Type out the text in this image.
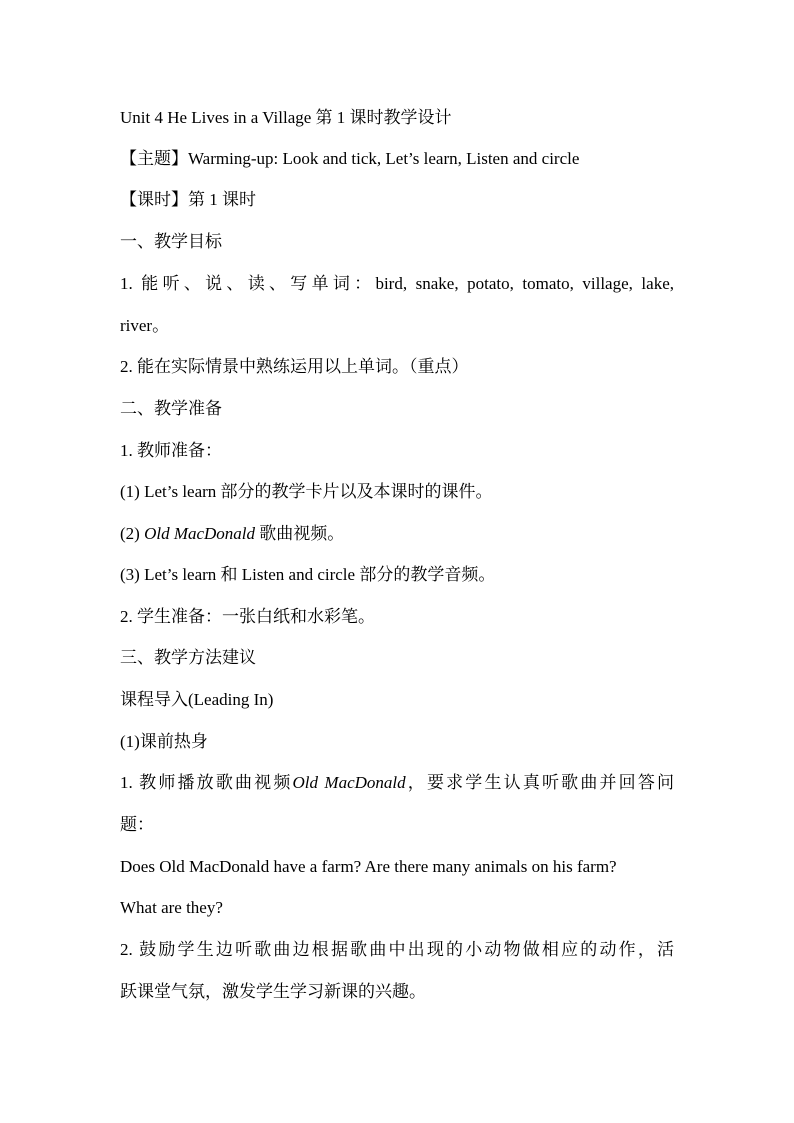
Unit 4 He Lives in a Village 第 1 课时教学设计
【主题】Warming-up: Look and tick, Let’s learn, Listen and circle
【课时】第 1 课时
一、教学目标
1. 能听、说、读、写单词：bird, snake, potato, tomato, village, lake,
river。
2. 能在实际情景中熟练运用以上单词。（重点）
二、教学准备
1. 教师准备：
(1) Let’s learn 部分的教学卡片以及本课时的课件。
(2) Old MacDonald 歌曲视频。
(3) Let’s learn 和 Listen and circle 部分的教学音频。
2. 学生准备：一张白纸和水彩笔。
三、教学方法建议
课程导入(Leading In)
(1)课前热身
1. 教师播放歌曲视频Old MacDonald，要求学生认真听歌曲并回答问
题：
Does Old MacDonald have a farm? Are there many animals on his farm?
What are they?
2. 鼓励学生边听歌曲边根据歌曲中出现的小动物做相应的动作，活
跃课堂气氛，激发学生学习新课的兴趣。
